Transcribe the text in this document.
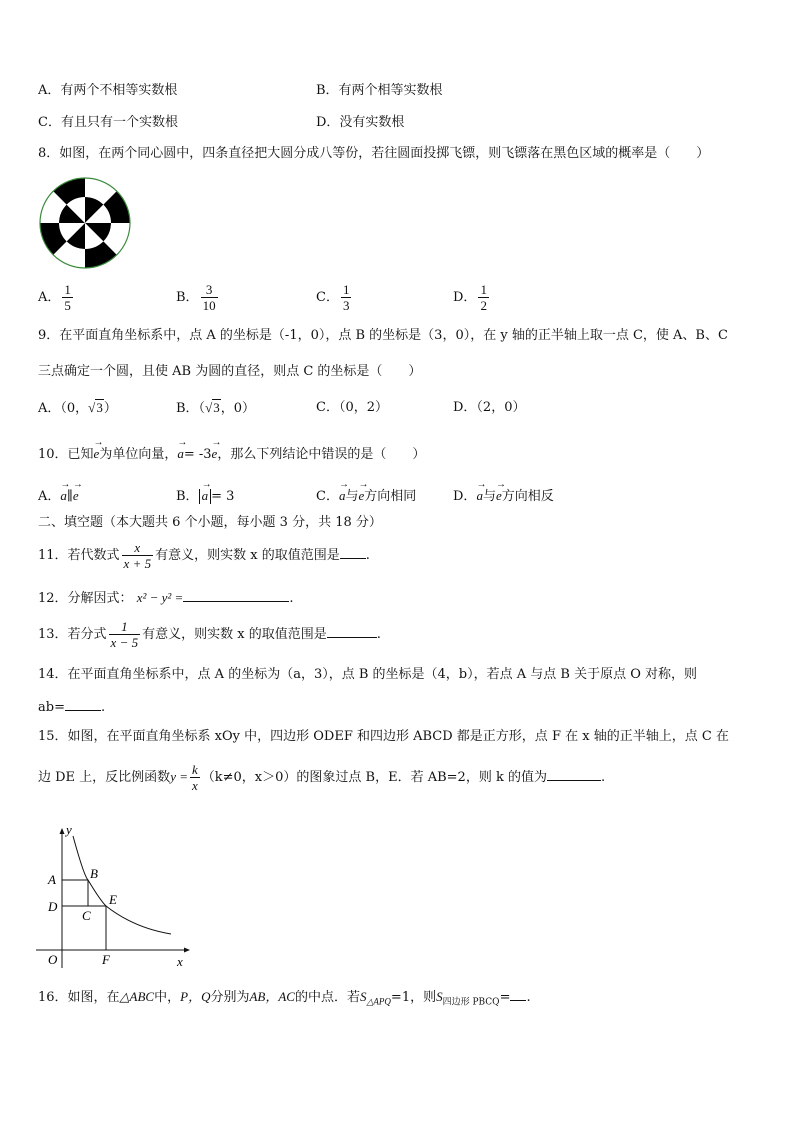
A．有两个不相等实数根	B．有两个相等实数根
C．有且只有一个实数根	D．没有实数根
8．如图，在两个同心圆中，四条直径把大圆分成八等份，若往圆面投掷飞镖，则飞镖落在黑色区域的概率是（　　）
A． $\frac{1}{5}$	B． $\frac{3}{10}$	C． $\frac{1}{3}$	D． $\frac{1}{2}$
9．在平面直角坐标系中，点 A 的坐标是（-1，0），点 B 的坐标是（3，0），在 y 轴的正半轴上取一点 C，使 A、B、C
三点确定一个圆，且使 AB 为圆的直径，则点 C 的坐标是（　　）
A．（0，√3）	B．（√3，0）	C．（0，2）	D．（2，0）
10．已知→ e为单位向量，→ a= -3→ e，那么下列结论中错误的是（　　）
A．→ a∥→ e	B．→ a = 3	C．→ a与→ e方向相同	D．→ a与→ e方向相反
二、填空题（本大题共 6 个小题，每小题 3 分，共 18 分）
11．若代数式 $\frac{x}{x + 5}$ 有意义，则实数 x 的取值范围是 .
12．分解因式： x² − y² =	.
13．若分式 $\frac{1}{x - 5}$ 有意义，则实数 x 的取值范围是	.
14．在平面直角坐标系中，点 A 的坐标为（a，3），点 B 的坐标是（4，b），若点 A 与点 B 关于原点 O 对称，则
ab=	.
15．如图，在平面直角坐标系 xOy 中，四边形 ODEF 和四边形 ABCD 都是正方形，点 F 在 x 轴的正半轴上，点 C 在
边 DE 上，反比例函数$y = \frac{k}{x} (k\ne 0$，x＞0）的图象过点 B，E．若 AB=2，则 k 的值为	.
y
x
O
A	B
C
D	E
F
16．如图，在△ABC中，P，Q分别为AB，AC的中点．若$S_{\triangle APQ}=1$，则$S_{四边形 PBCQ}=$ .
